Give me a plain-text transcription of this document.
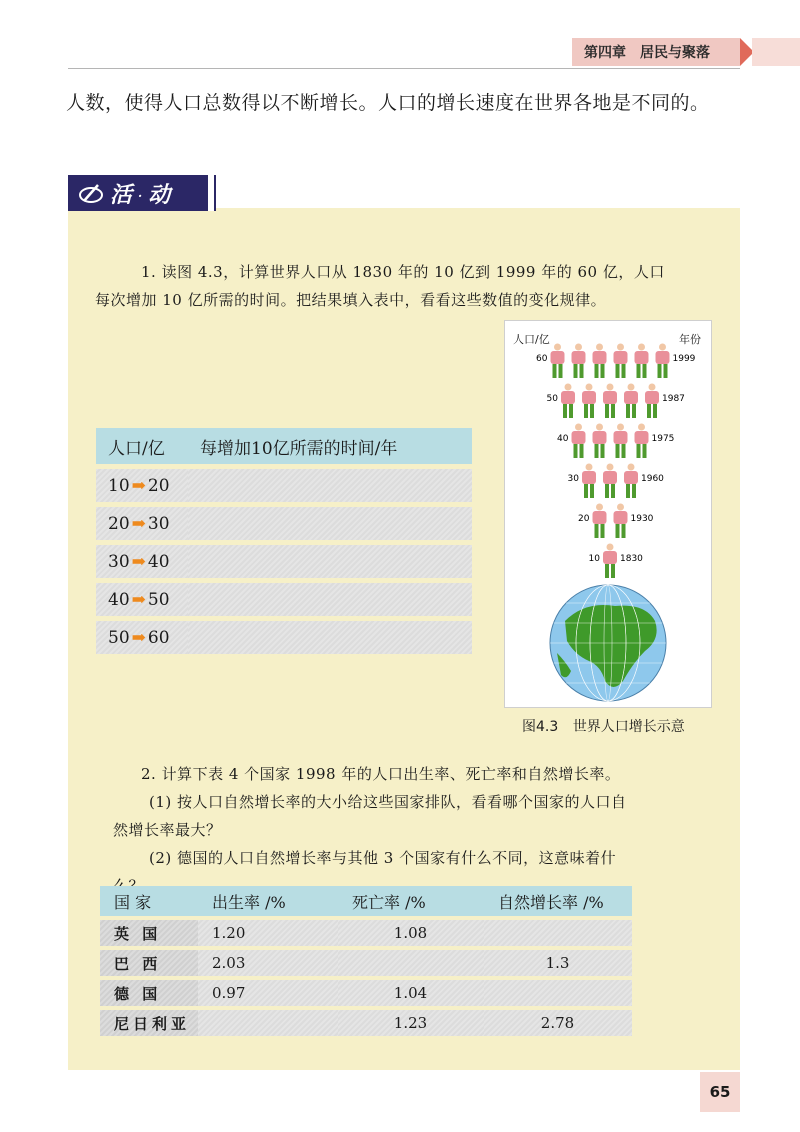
第四章 居民与聚落
人数，使得人口总数得以不断增长。人口的增长速度在世界各地是不同的。
活 . 动
1. 读图 4.3，计算世界人口从 1830 年的 10 亿到 1999 年的 60 亿，人口
每次增加 10 亿所需的时间。把结果填入表中，看看这些数值的变化规律。
人口/亿	每增加10亿所需的时间/年
10 ➡ 20	
20 ➡ 30	
30 ➡ 40	
40 ➡ 50	
50 ➡ 60	
人口/亿	年份
60	1999
50	1987
40	1975
30	1960
20	1930
10 1830
图4.3 世界人口增长示意

2. 计算下表 4 个国家 1998 年的人口出生率、死亡率和自然增长率。

(1) 按人口自然增长率的大小给这些国家排队，看看哪个国家的人口自

然增长率最大？

(2) 德国的人口自然增长率与其他 3 个国家有什么不同，这意味着什

国 家	出生率 /%	死亡率 /%	自然增长率 /%
英 国	1.20	1.08	
巴 西	2.03		1.3
德 国	0.97	1.04	
尼日利亚		1.23	2.78
65
